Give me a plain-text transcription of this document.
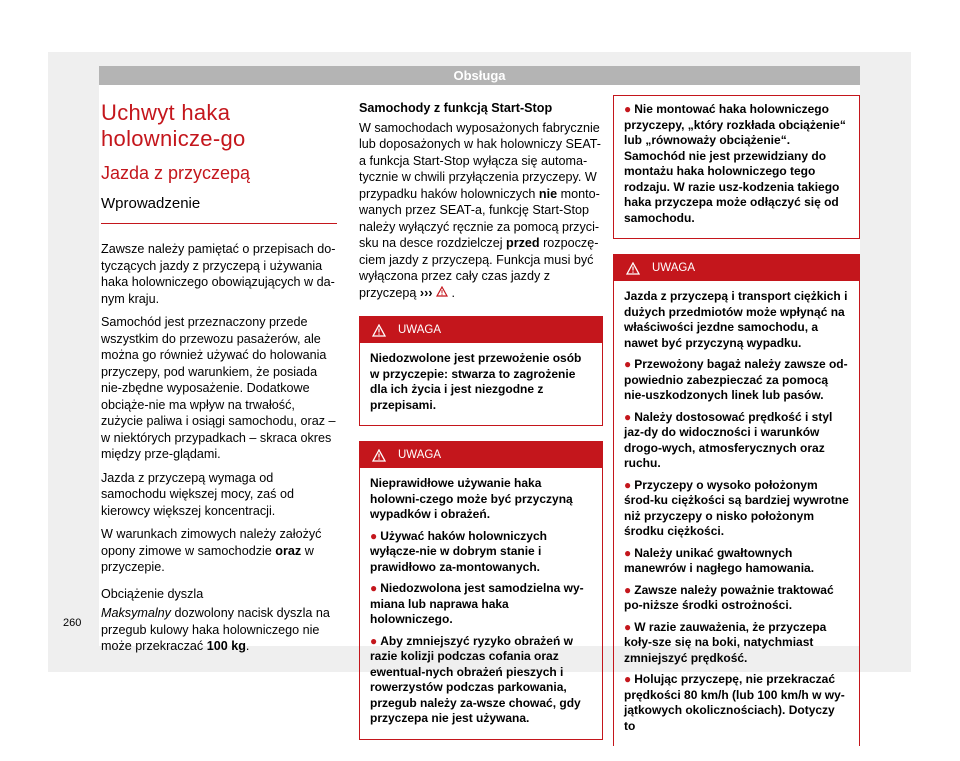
Obsługa
Uchwyt haka holownicze-go
Jazda z przyczepą
Wprowadzenie

Zawsze należy pamiętać o przepisach do-tyczących jazdy z przyczepą i używania haka holowniczego obowiązujących w da-nym kraju.

Samochód jest przeznaczony przede wszystkim do przewozu pasażerów, ale można go również używać do holowania przyczepy, pod warunkiem, że posiada nie-zbędne wyposażenie. Dodatkowe obciąże-nie ma wpływ na trwałość, zużycie paliwa i osiągi samochodu, oraz – w niektórych przypadkach – skraca okres między prze-glądami.

Jazda z przyczepą wymaga od samochodu większej mocy, zaś od kierowcy większej koncentracji.

W warunkach zimowych należy założyć opony zimowe w samochodzie oraz w przyczepie.

Obciążenie dyszla

Maksymalny dozwolony nacisk dyszla na przegub kulowy haka holowniczego nie może przekraczać 100 kg.

Samochody z funkcją Start-Stop

W samochodach wyposażonych fabrycznie lub doposażonych w hak holowniczy SEAT-a funkcja Start-Stop wyłącza się automa-tycznie w chwili przyłączenia przyczepy. W przypadku haków holowniczych nie monto-wanych przez SEAT-a, funkcję Start-Stop należy wyłączyć ręcznie za pomocą przyci-sku na desce rozdzielczej przed rozpoczę-ciem jazdy z przyczepą. Funkcja musi być wyłączona przez cały czas jazdy z przyczepą ›››  .

UWAGA

Niedozwolone jest przewożenie osób w przyczepie: stwarza to zagrożenie dla ich życia i jest niezgodne z przepisami.

UWAGA

Nieprawidłowe używanie haka holowni-czego może być przyczyną wypadków i obrażeń.

● Używać haków holowniczych wyłącze-nie w dobrym stanie i prawidłowo za-montowanych.

● Niedozwolona jest samodzielna wy-miana lub naprawa haka holowniczego.

● Aby zmniejszyć ryzyko obrażeń w razie kolizji podczas cofania oraz ewentual-nych obrażeń pieszych i rowerzystów podczas parkowania, przegub należy za-wsze chować, gdy przyczepa nie jest używana.

● Nie montować haka holowniczego przyczepy, „który rozkłada obciążenie“ lub „równoważy obciążenie“. Samochód nie jest przewidziany do montażu haka holowniczego tego rodzaju. W razie usz-kodzenia takiego haka przyczepa może odłączyć się od samochodu.

UWAGA

Jazda z przyczepą i transport ciężkich i dużych przedmiotów może wpłynąć na właściwości jezdne samochodu, a nawet być przyczyną wypadku.

● Przewożony bagaż należy zawsze od-powiednio zabezpieczać za pomocą nie-uszkodzonych linek lub pasów.

● Należy dostosować prędkość i styl jaz-dy do widoczności i warunków drogo-wych, atmosferycznych oraz ruchu.

● Przyczepy o wysoko położonym środ-ku ciężkości są bardziej wywrotne niż przyczepy o nisko położonym środku ciężkości.

● Należy unikać gwałtownych manewrów i nagłego hamowania.

● Zawsze należy poważnie traktować po-niższe środki ostrożności.

● W razie zauważenia, że przyczepa koły-sze się na boki, natychmiast zmniejszyć prędkość.

● Holując przyczepę, nie przekraczać prędkości 80 km/h (lub 100 km/h w wy-jątkowych okolicznościach). Dotyczy to

260
